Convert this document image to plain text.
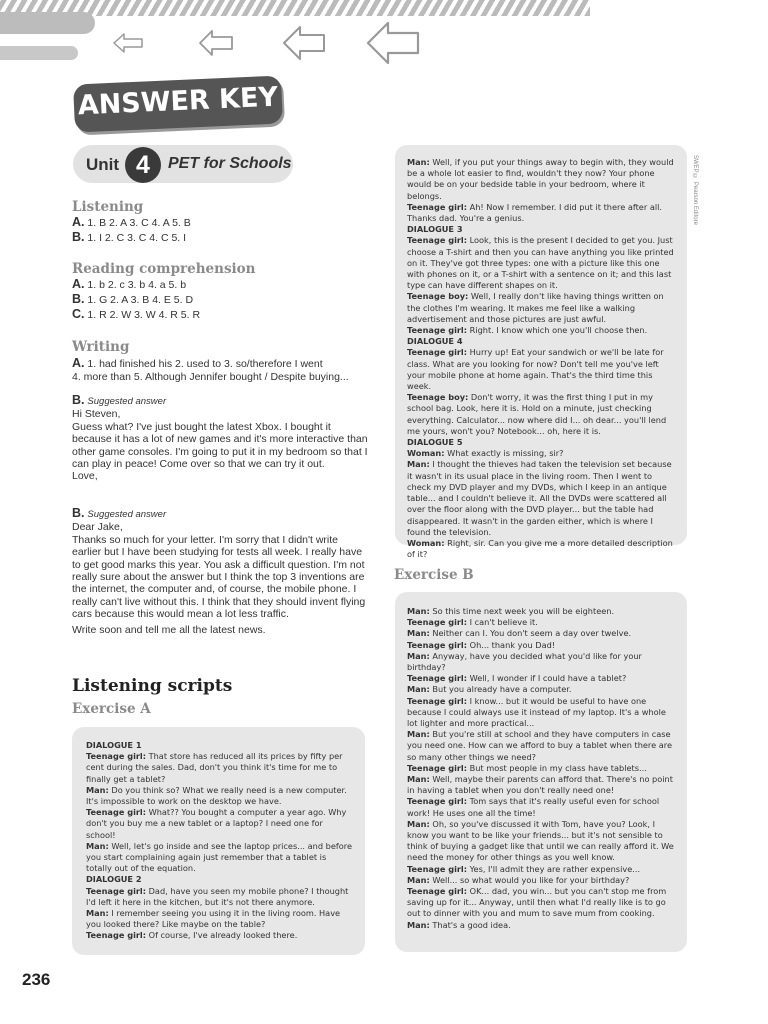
ANSWER KEY
Unit 4	PET for Schools	SWEP © Pearson Editore
Listening
A. 1. B 2. A 3. C 4. A 5. B
B. 1. I 2. C 3. C 4. C 5. I
Reading comprehension
A. 1. b 2. c 3. b 4. a 5. b
B. 1. G 2. A 3. B 4. E 5. D
C. 1. R 2. W 3. W 4. R 5. R
Writing
A. 1. had finished his 2. used to 3. so/therefore I went
4. more than 5. Although Jennifer bought / Despite buying...
B. Suggested answer
Hi Steven,
Guess what? I've just bought the latest Xbox. I bought it because it has a lot of new games and it's more interactive than other game consoles. I'm going to put it in my bedroom so that I can play in peace! Come over so that we can try it out.
Love,
B. Suggested answer
Dear Jake,
Thanks so much for your letter. I'm sorry that I didn't write earlier but I have been studying for tests all week. I really have to get good marks this year. You ask a difficult question. I'm not really sure about the answer but I think the top 3 inventions are the internet, the computer and, of course, the mobile phone. I really can't live without this. I think that they should invent flying cars because this would mean a lot less traffic.
Write soon and tell me all the latest news.
Listening scripts
Exercise A
Exercise B

DIALOGUE 1

Teenage girl: That store has reduced all its prices by fifty per cent during the sales. Dad, don't you think it's time for me to finally get a tablet?

Man: Do you think so? What we really need is a new computer. It's impossible to work on the desktop we have.

Teenage girl: What?? You bought a computer a year ago. Why don't you buy me a new tablet or a laptop? I need one for school!

Man: Well, let's go inside and see the laptop prices... and before you start complaining again just remember that a tablet is totally out of the equation.

DIALOGUE 2

Teenage girl: Dad, have you seen my mobile phone? I thought I'd left it here in the kitchen, but it's not there anymore.

Man: I remember seeing you using it in the living room. Have you looked there? Like maybe on the table?

Teenage girl: Of course, I've already looked there.

Man: Well, if you put your things away to begin with, they would be a whole lot easier to find, wouldn't they now? Your phone would be on your bedside table in your bedroom, where it belongs.

Teenage girl: Ah! Now I remember. I did put it there after all. Thanks dad. You're a genius.

DIALOGUE 3

Teenage girl: Look, this is the present I decided to get you. Just choose a T-shirt and then you can have anything you like printed on it. They've got three types: one with a picture like this one with phones on it, or a T-shirt with a sentence on it; and this last type can have different shapes on it.

Teenage boy: Well, I really don't like having things written on the clothes I'm wearing. It makes me feel like a walking advertisement and those pictures are just awful.

Teenage girl: Right. I know which one you'll choose then.

DIALOGUE 4

Teenage girl: Hurry up! Eat your sandwich or we'll be late for class. What are you looking for now? Don't tell me you've left your mobile phone at home again. That's the third time this week.

Teenage boy: Don't worry, it was the first thing I put in my school bag. Look, here it is. Hold on a minute, just checking everything. Calculator... now where did I... oh dear... you'll lend me yours, won't you? Notebook... oh, here it is.

DIALOGUE 5

Woman: What exactly is missing, sir?

Man: I thought the thieves had taken the television set because it wasn't in its usual place in the living room. Then I went to check my DVD player and my DVDs, which I keep in an antique table... and I couldn't believe it. All the DVDs were scattered all over the floor along with the DVD player... but the table had disappeared. It wasn't in the garden either, which is where I found the television.

Woman: Right, sir. Can you give me a more detailed description of it?

Man: So this time next week you will be eighteen.

Teenage girl: I can't believe it.

Man: Neither can I. You don't seem a day over twelve.

Teenage girl: Oh... thank you Dad!

Man: Anyway, have you decided what you'd like for your birthday?

Teenage girl: Well, I wonder if I could have a tablet?

Man: But you already have a computer.

Teenage girl: I know... but it would be useful to have one because I could always use it instead of my laptop. It's a whole lot lighter and more practical...

Man: But you're still at school and they have computers in case you need one. How can we afford to buy a tablet when there are so many other things we need?

Teenage girl: But most people in my class have tablets...

Man: Well, maybe their parents can afford that. There's no point in having a tablet when you don't really need one!

Teenage girl: Tom says that it's really useful even for school work! He uses one all the time!

Man: Oh, so you've discussed it with Tom, have you? Look, I know you want to be like your friends... but it's not sensible to think of buying a gadget like that until we can really afford it. We need the money for other things as you well know.

Teenage girl: Yes, I'll admit they are rather expensive...

Man: Well... so what would you like for your birthday?

Teenage girl: OK... dad, you win... but you can't stop me from saving up for it... Anyway, until then what I'd really like is to go out to dinner with you and mum to save mum from cooking.

Man: That's a good idea.

236
